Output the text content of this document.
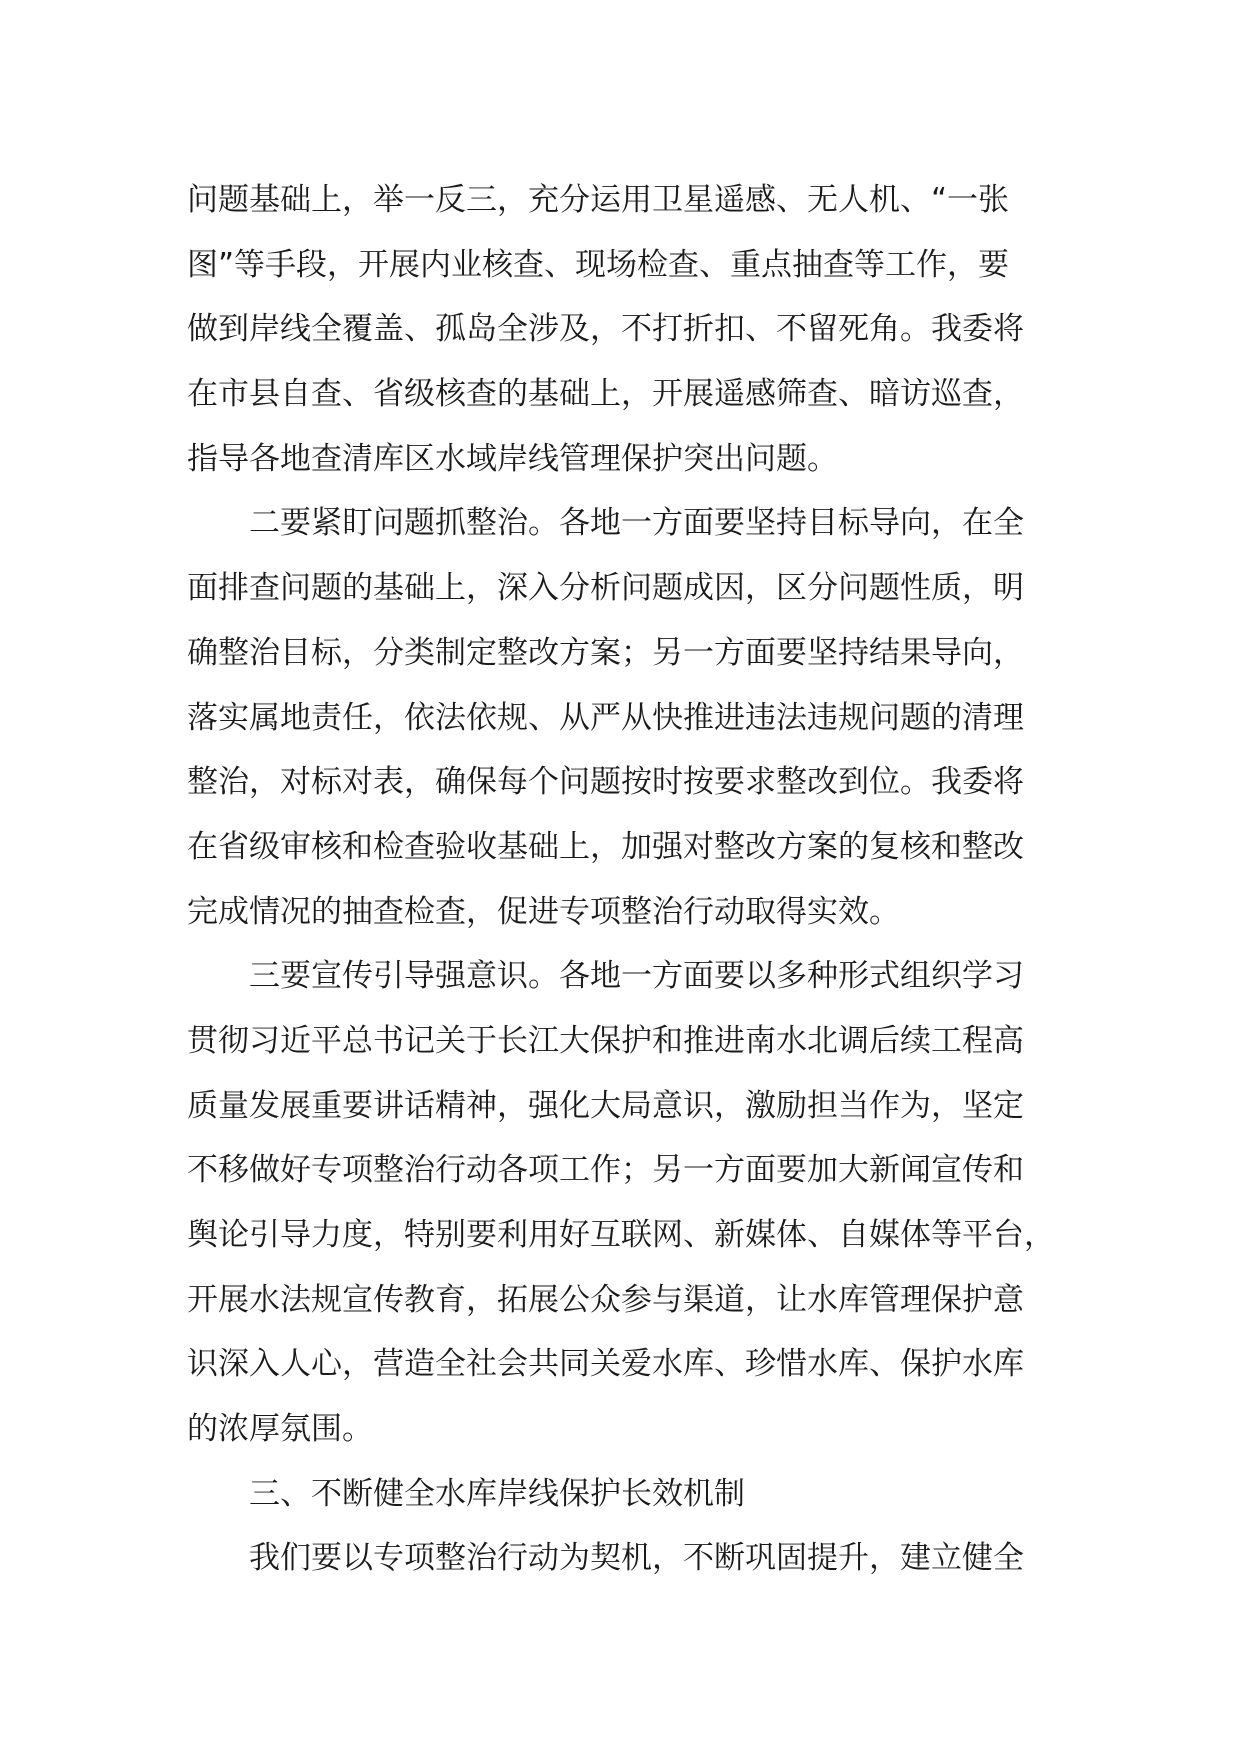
问题基础上，举一反三，充分运用卫星遥感、无人机、“一张
图”等手段，开展内业核查、现场检查、重点抽查等工作，要
做到岸线全覆盖、孤岛全涉及，不打折扣、不留死角。我委将
在市县自查、省级核查的基础上，开展遥感筛查、暗访巡查，
指导各地查清库区水域岸线管理保护突出问题。
　　二要紧盯问题抓整治。各地一方面要坚持目标导向，在全
面排查问题的基础上，深入分析问题成因，区分问题性质，明
确整治目标，分类制定整改方案；另一方面要坚持结果导向，
落实属地责任，依法依规、从严从快推进违法违规问题的清理
整治，对标对表，确保每个问题按时按要求整改到位。我委将
在省级审核和检查验收基础上，加强对整改方案的复核和整改
完成情况的抽查检查，促进专项整治行动取得实效。
　　三要宣传引导强意识。各地一方面要以多种形式组织学习
贯彻习近平总书记关于长江大保护和推进南水北调后续工程高
质量发展重要讲话精神，强化大局意识，激励担当作为，坚定
不移做好专项整治行动各项工作；另一方面要加大新闻宣传和
舆论引导力度，特别要利用好互联网、新媒体、自媒体等平台，
开展水法规宣传教育，拓展公众参与渠道，让水库管理保护意
识深入人心，营造全社会共同关爱水库、珍惜水库、保护水库
的浓厚氛围。
　　三、不断健全水库岸线保护长效机制
　　我们要以专项整治行动为契机，不断巩固提升，建立健全
